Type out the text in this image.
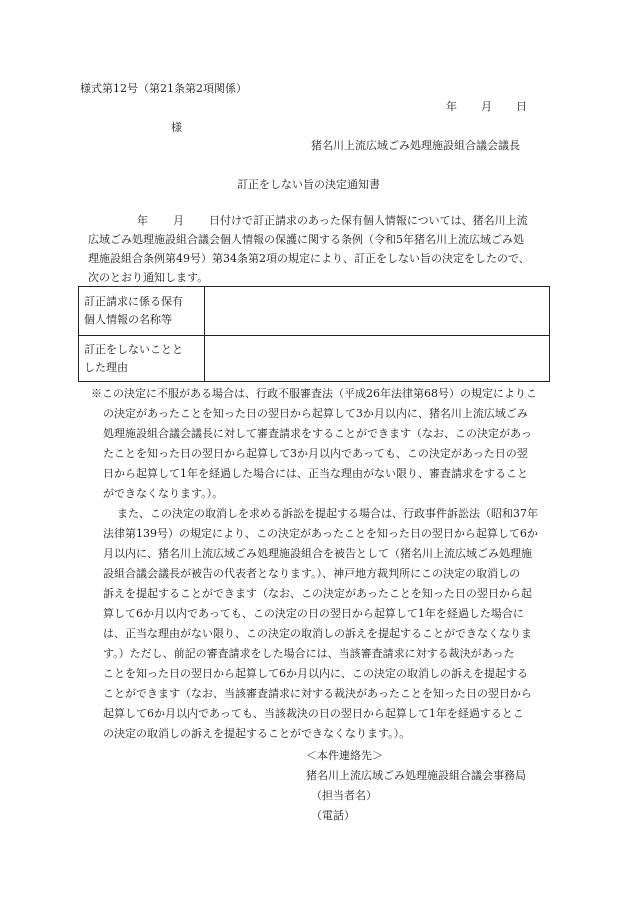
様式第12号（第21条第2項関係）
年 月 日
様
猪名川上流広域ごみ処理施設組合議会議長
訂正をしない旨の決定通知書
年 月 日付けで訂正請求のあった保有個人情報については、猪名川上流
広域ごみ処理施設組合議会個人情報の保護に関する条例（令和5年猪名川上流広域ごみ処
理施設組合条例第49号）第34条第2項の規定により、訂正をしない旨の決定をしたので、
次のとおり通知します。
訂正請求に係る保有
個人情報の名称等	
訂正をしないことと
した理由	
※この決定に不服がある場合は、行政不服審査法（平成26年法律第68号）の規定によりこ
の決定があったことを知った日の翌日から起算して3か月以内に、猪名川上流広域ごみ
処理施設組合議会議長に対して審査請求をすることができます（なお、この決定があっ
たことを知った日の翌日から起算して3か月以内であっても、この決定があった日の翌
日から起算して1年を経過した場合には、正当な理由がない限り、審査請求をすること
ができなくなります。）。
また、この決定の取消しを求める訴訟を提起する場合は、行政事件訴訟法（昭和37年
法律第139号）の規定により、この決定があったことを知った日の翌日から起算して6か
月以内に、猪名川上流広域ごみ処理施設組合を被告として（猪名川上流広域ごみ処理施
設組合議会議長が被告の代表者となります。）、神戸地方裁判所にこの決定の取消しの
訴えを提起することができます（なお、この決定があったことを知った日の翌日から起
算して6か月以内であっても、この決定の日の翌日から起算して1年を経過した場合に
は、正当な理由がない限り、この決定の取消しの訴えを提起することができなくなりま
す。）ただし、前記の審査請求をした場合には、当該審査請求に対する裁決があった
ことを知った日の翌日から起算して6か月以内に、この決定の取消しの訴えを提起する
ことができます（なお、当該審査請求に対する裁決があったことを知った日の翌日から
起算して6か月以内であっても、当該裁決の日の翌日から起算して1年を経過するとこ
の決定の取消しの訴えを提起することができなくなります。）。
＜本件連絡先＞
猪名川上流広域ごみ処理施設組合議会事務局
（担当者名）
（電話）
